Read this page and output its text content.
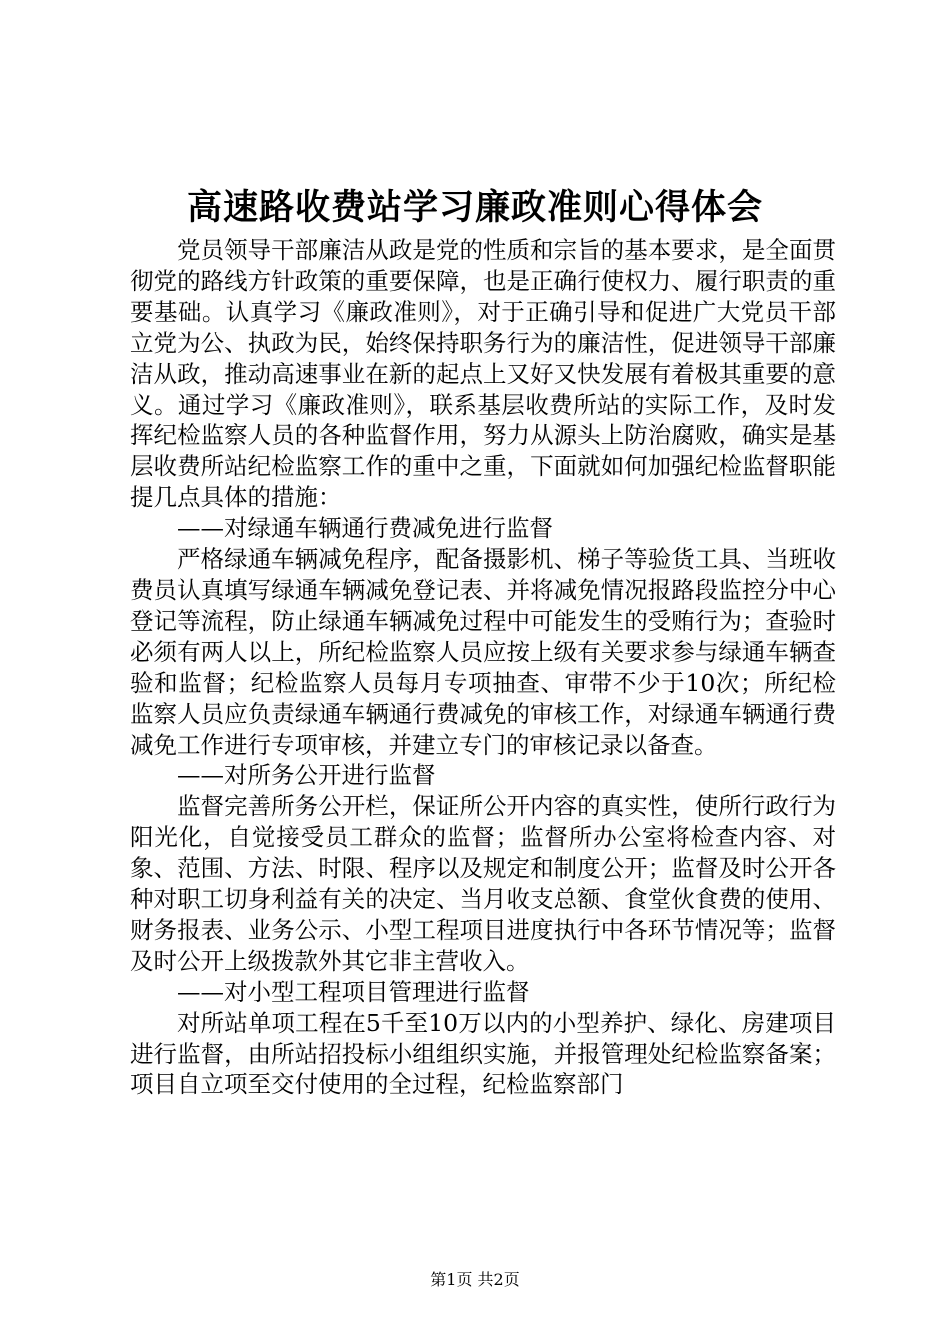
高速路收费站学习廉政准则心得体会

党员领导干部廉洁从政是党的性质和宗旨的基本要求，是全面贯彻党的路线方针政策的重要保障，也是正确行使权力、履行职责的重要基础。认真学习《廉政准则》，对于正确引导和促进广大党员干部立党为公、执政为民，始终保持职务行为的廉洁性，促进领导干部廉洁从政，推动高速事业在新的起点上又好又快发展有着极其重要的意义。通过学习《廉政准则》，联系基层收费所站的实际工作，及时发挥纪检监察人员的各种监督作用，努力从源头上防治腐败，确实是基层收费所站纪检监察工作的重中之重，下面就如何加强纪检监督职能提几点具体的措施：

——对绿通车辆通行费减免进行监督

严格绿通车辆减免程序，配备摄影机、梯子等验货工具、当班收费员认真填写绿通车辆减免登记表、并将减免情况报路段监控分中心登记等流程，防止绿通车辆减免过程中可能发生的受贿行为；查验时必须有两人以上，所纪检监察人员应按上级有关要求参与绿通车辆查验和监督；纪检监察人员每月专项抽查、审带不少于10次；所纪检监察人员应负责绿通车辆通行费减免的审核工作，对绿通车辆通行费减免工作进行专项审核，并建立专门的审核记录以备查。

——对所务公开进行监督

监督完善所务公开栏，保证所公开内容的真实性，使所行政行为阳光化，自觉接受员工群众的监督；监督所办公室将检查内容、对象、范围、方法、时限、程序以及规定和制度公开；监督及时公开各种对职工切身利益有关的决定、当月收支总额、食堂伙食费的使用、财务报表、业务公示、小型工程项目进度执行中各环节情况等；监督及时公开上级拨款外其它非主营收入。

——对小型工程项目管理进行监督

对所站单项工程在5千至10万以内的小型养护、绿化、房建项目进行监督，由所站招投标小组组织实施，并报管理处纪检监察备案；项目自立项至交付使用的全过程，纪检监察部门

第1页 共2页
